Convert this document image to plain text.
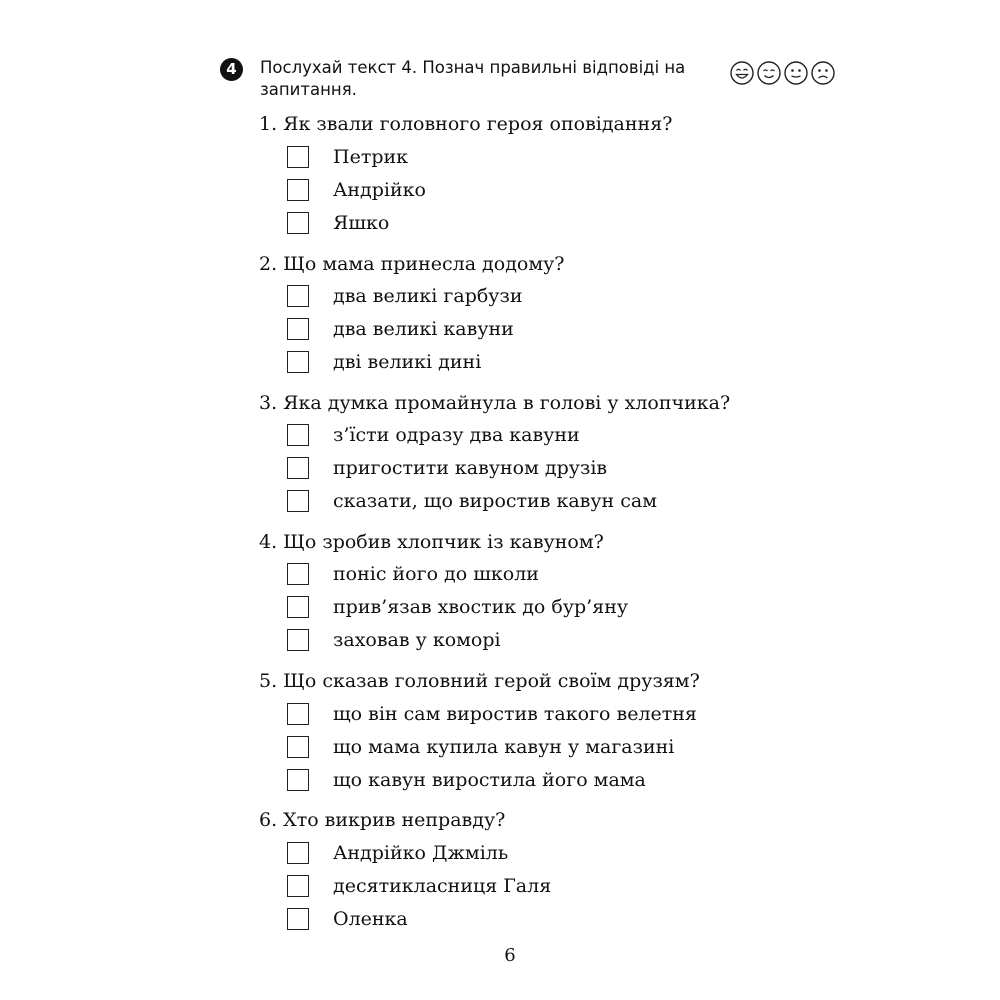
4	Послухай текст 4. Познач правильні відповіді на запитання.
1. Як звали головного героя оповідання?
Петрик
Андрійко
Яшко
2. Що мама принесла додому?
два великі гарбузи
два великі кавуни
дві великі дині
3. Яка думка промайнула в голові у хлопчика?
з’їсти одразу два кавуни
пригостити кавуном друзів
сказати, що виростив кавун сам
4. Що зробив хлопчик із кавуном?
поніс його до школи
прив’язав хвостик до бур’яну
заховав у коморі
5. Що сказав головний герой своїм друзям?
що він сам виростив такого велетня
що мама купила кавун у магазині
що кавун виростила його мама
6. Хто викрив неправду?
Андрійко Джміль
десятикласниця Галя
Оленка
6
